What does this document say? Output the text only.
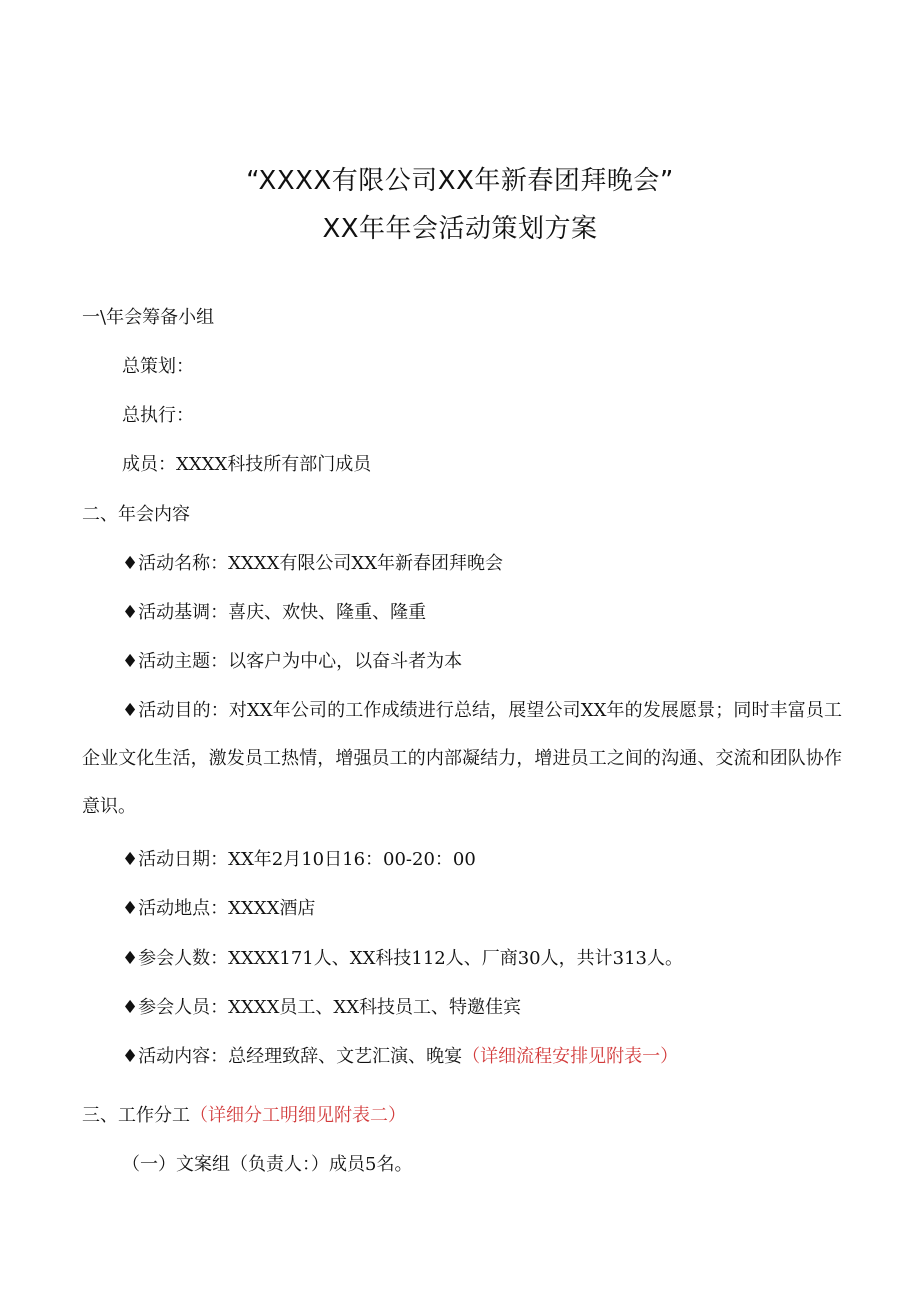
“XXXX有限公司XX年新春团拜晚会”
XX年年会活动策划方案
一\年会筹备小组
总策划：
总执行：
成员：XXXX科技所有部门成员
二、年会内容
♦活动名称：XXXX有限公司XX年新春团拜晚会
♦活动基调：喜庆、欢快、隆重、隆重
♦活动主题：以客户为中心，以奋斗者为本
♦活动目的：对XX年公司的工作成绩进行总结，展望公司XX年的发展愿景；同时丰富员工企业文化生活，激发员工热情，增强员工的内部凝结力，增进员工之间的沟通、交流和团队协作意识。
♦活动日期：XX年2月10日16：00-20：00
♦活动地点：XXXX酒店
♦参会人数：XXXX171人、XX科技112人、厂商30人，共计313人。
♦参会人员：XXXX员工、XX科技员工、特邀佳宾
♦活动内容：总经理致辞、文艺汇演、晚宴（详细流程安排见附表一）
三、工作分工（详细分工明细见附表二）
（一）文案组（负责人：）成员5名。
